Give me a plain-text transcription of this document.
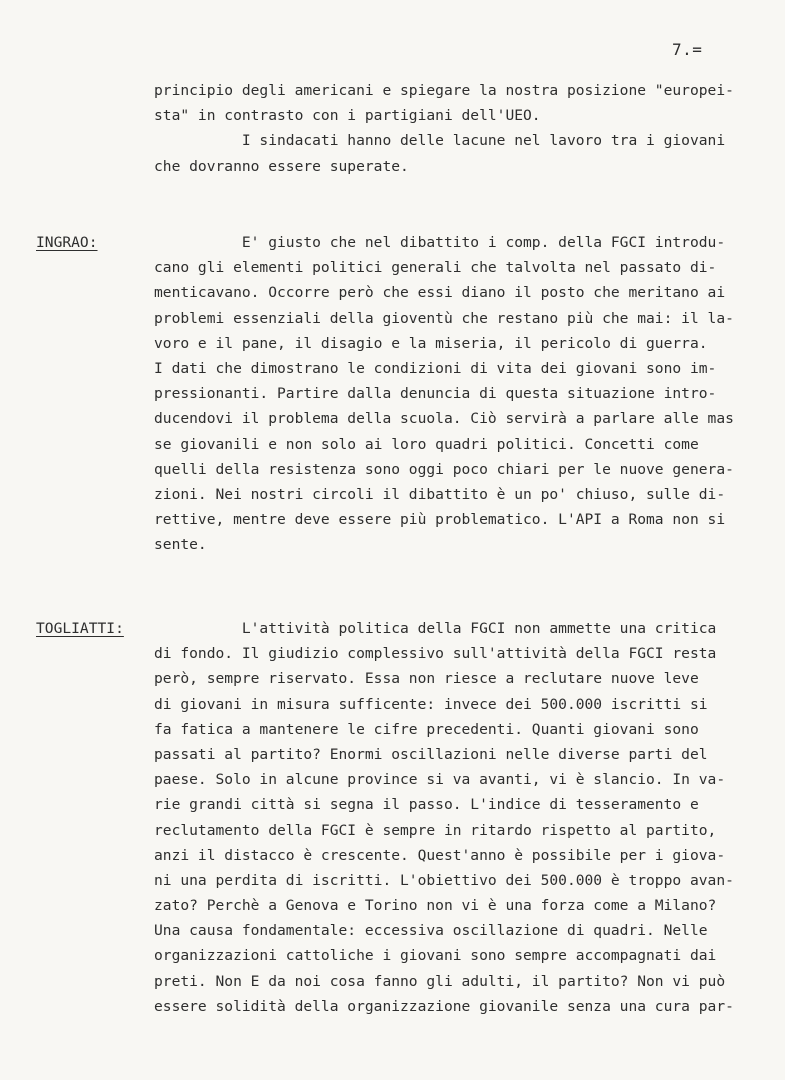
7.=
principio degli americani e spiegare la nostra posizione "europei-
sta" in contrasto con i partigiani dell'UEO.
I sindacati hanno delle lacune nel lavoro tra i giovani
che dovranno essere superate.
INGRAO:	E' giusto che nel dibattito i comp. della FGCI introdu-
cano gli elementi politici generali che talvolta nel passato di-
menticavano. Occorre però che essi diano il posto che meritano ai
problemi essenziali della gioventù che restano più che mai: il la-
voro e il pane, il disagio e la miseria, il pericolo di guerra.
I dati che dimostrano le condizioni di vita dei giovani sono im-
pressionanti. Partire dalla denuncia di questa situazione intro-
ducendovi il problema della scuola. Ciò servirà a parlare alle mas
se giovanili e non solo ai loro quadri politici. Concetti come
quelli della resistenza sono oggi poco chiari per le nuove genera-
zioni. Nei nostri circoli il dibattito è un po' chiuso, sulle di-
rettive, mentre deve essere più problematico. L'API a Roma non si
sente.
TOGLIATTI: L'attività politica della FGCI non ammette una critica
di fondo. Il giudizio complessivo sull'attività della FGCI resta
però, sempre riservato. Essa non riesce a reclutare nuove leve
di giovani in misura sufficente: invece dei 500.000 iscritti si
fa fatica a mantenere le cifre precedenti. Quanti giovani sono
passati al partito? Enormi oscillazioni nelle diverse parti del
paese. Solo in alcune province si va avanti, vi è slancio. In va-
rie grandi città si segna il passo. L'indice di tesseramento e
reclutamento della FGCI è sempre in ritardo rispetto al partito,
anzi il distacco è crescente. Quest'anno è possibile per i giova-
ni una perdita di iscritti. L'obiettivo dei 500.000 è troppo avan-
zato? Perchè a Genova e Torino non vi è una forza come a Milano?
Una causa fondamentale: eccessiva oscillazione di quadri. Nelle
organizzazioni cattoliche i giovani sono sempre accompagnati dai
preti. Non E da noi cosa fanno gli adulti, il partito? Non vi può
essere solidità della organizzazione giovanile senza una cura par-
